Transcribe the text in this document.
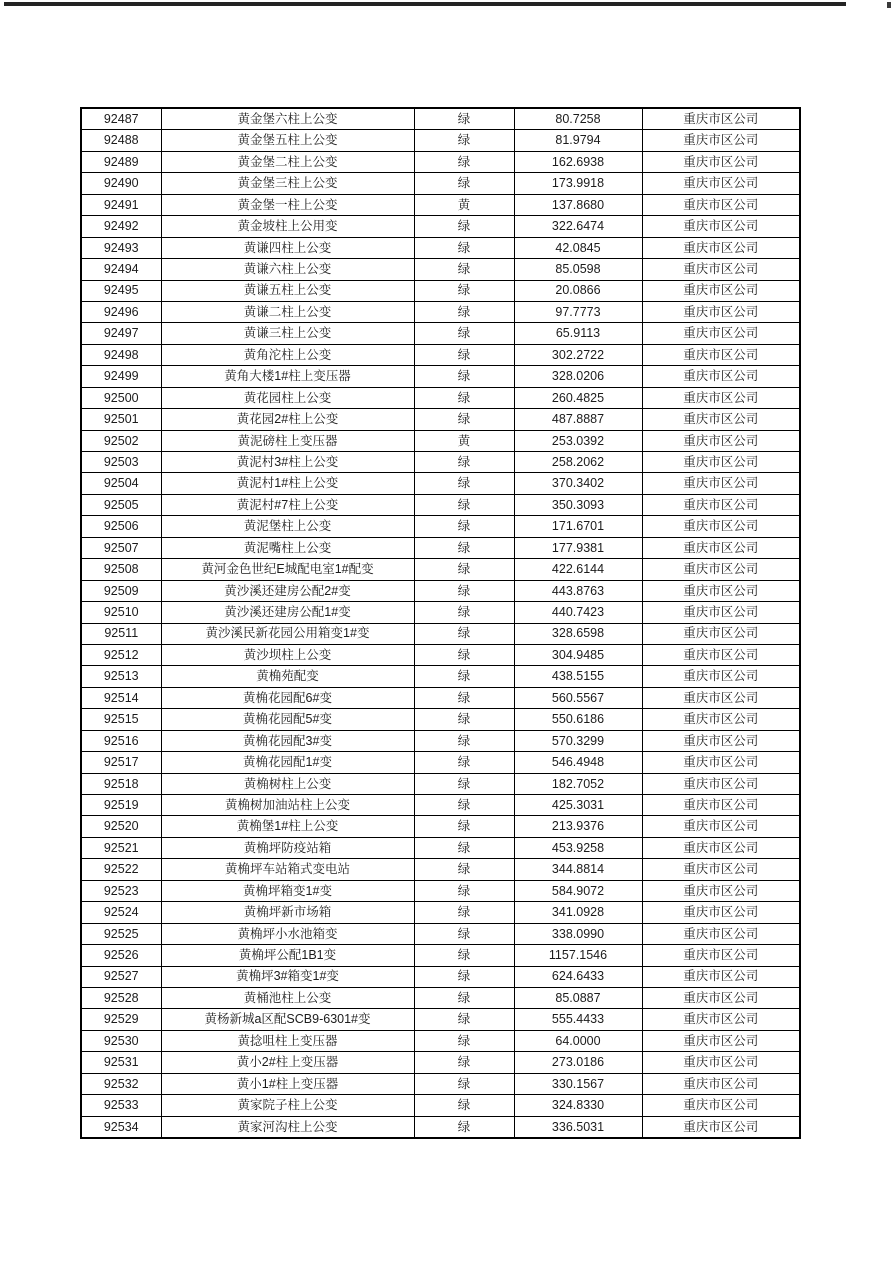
92487	黄金堡六柱上公变	绿	80.7258	重庆市区公司
92488	黄金堡五柱上公变	绿	81.9794	重庆市区公司
92489	黄金堡二柱上公变	绿	162.6938	重庆市区公司
92490	黄金堡三柱上公变	绿	173.9918	重庆市区公司
92491	黄金堡一柱上公变	黄	137.8680	重庆市区公司
92492	黄金坡柱上公用变	绿	322.6474	重庆市区公司
92493	黄谦四柱上公变	绿	42.0845	重庆市区公司
92494	黄谦六柱上公变	绿	85.0598	重庆市区公司
92495	黄谦五柱上公变	绿	20.0866	重庆市区公司
92496	黄谦二柱上公变	绿	97.7773	重庆市区公司
92497	黄谦三柱上公变	绿	65.9113	重庆市区公司
92498	黄角沱柱上公变	绿	302.2722	重庆市区公司
92499	黄角大楼1#柱上变压器	绿	328.0206	重庆市区公司
92500	黄花园柱上公变	绿	260.4825	重庆市区公司
92501	黄花园2#柱上公变	绿	487.8887	重庆市区公司
92502	黄泥磅柱上变压器	黄	253.0392	重庆市区公司
92503	黄泥村3#柱上公变	绿	258.2062	重庆市区公司
92504	黄泥村1#柱上公变	绿	370.3402	重庆市区公司
92505	黄泥村#7柱上公变	绿	350.3093	重庆市区公司
92506	黄泥堡柱上公变	绿	171.6701	重庆市区公司
92507	黄泥嘴柱上公变	绿	177.9381	重庆市区公司
92508	黄河金色世纪E城配电室1#配变	绿	422.6144	重庆市区公司
92509	黄沙溪还建房公配2#变	绿	443.8763	重庆市区公司
92510	黄沙溪还建房公配1#变	绿	440.7423	重庆市区公司
92511	黄沙溪民新花园公用箱变1#变	绿	328.6598	重庆市区公司
92512	黄沙坝柱上公变	绿	304.9485	重庆市区公司
92513	黄桷苑配变	绿	438.5155	重庆市区公司
92514	黄桷花园配6#变	绿	560.5567	重庆市区公司
92515	黄桷花园配5#变	绿	550.6186	重庆市区公司
92516	黄桷花园配3#变	绿	570.3299	重庆市区公司
92517	黄桷花园配1#变	绿	546.4948	重庆市区公司
92518	黄桷树柱上公变	绿	182.7052	重庆市区公司
92519	黄桷树加油站柱上公变	绿	425.3031	重庆市区公司
92520	黄桷堡1#柱上公变	绿	213.9376	重庆市区公司
92521	黄桷坪防疫站箱	绿	453.9258	重庆市区公司
92522	黄桷坪车站箱式变电站	绿	344.8814	重庆市区公司
92523	黄桷坪箱变1#变	绿	584.9072	重庆市区公司
92524	黄桷坪新市场箱	绿	341.0928	重庆市区公司
92525	黄桷坪小水池箱变	绿	338.0990	重庆市区公司
92526	黄桷坪公配1B1变	绿	1157.1546	重庆市区公司
92527	黄桷坪3#箱变1#变	绿	624.6433	重庆市区公司
92528	黄桶池柱上公变	绿	85.0887	重庆市区公司
92529	黄杨新城a区配SCB9-6301#变	绿	555.4433	重庆市区公司
92530	黄捻咀柱上变压器	绿	64.0000	重庆市区公司
92531	黄小2#柱上变压器	绿	273.0186	重庆市区公司
92532	黄小1#柱上变压器	绿	330.1567	重庆市区公司
92533	黄家院子柱上公变	绿	324.8330	重庆市区公司
92534	黄家河沟柱上公变	绿	336.5031	重庆市区公司
